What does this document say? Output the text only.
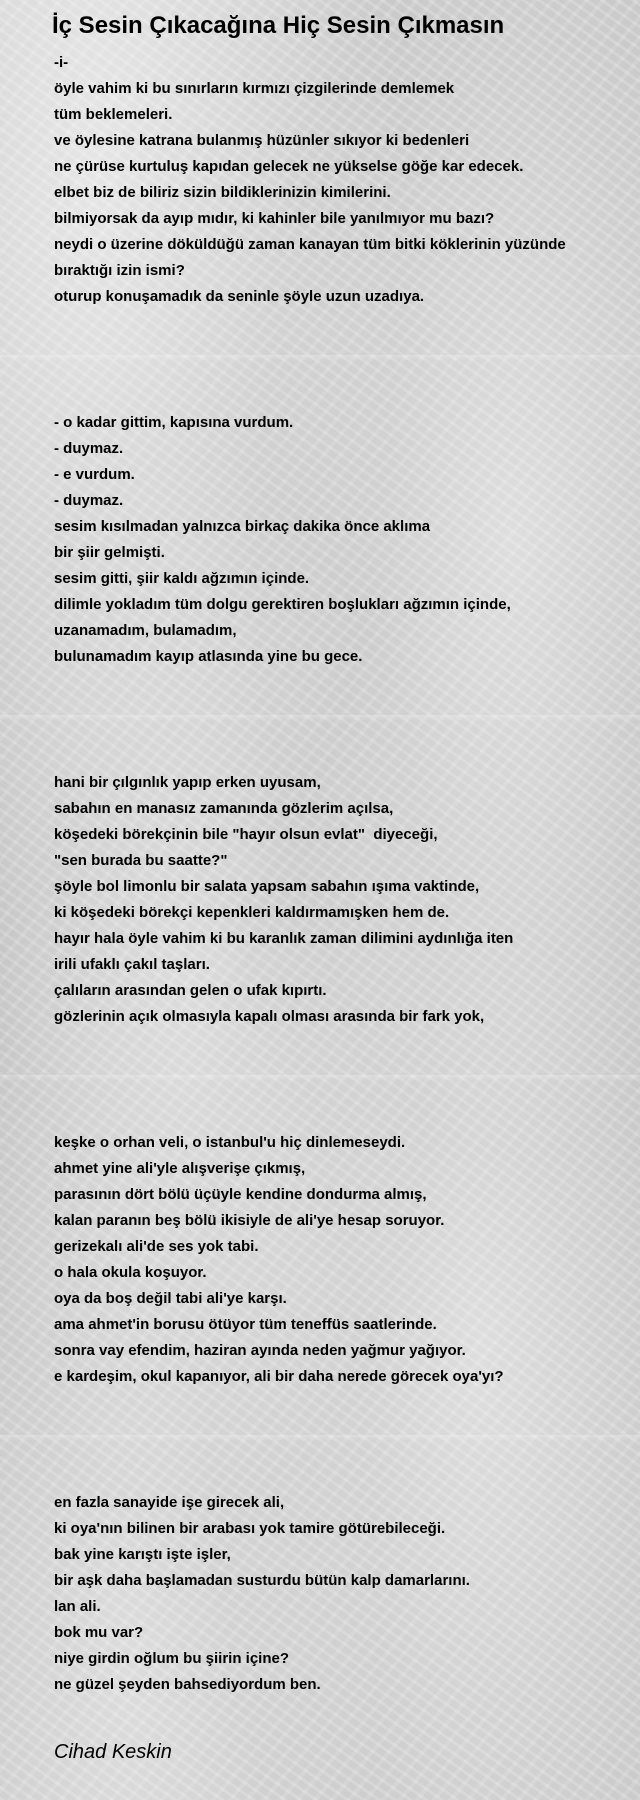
İç Sesin Çıkacağına Hiç Sesin Çıkmasın
-i-
öyle vahim ki bu sınırların kırmızı çizgilerinde demlemek
tüm beklemeleri.
ve öylesine katrana bulanmış hüzünler sıkıyor ki bedenleri
ne çürüse kurtuluş kapıdan gelecek ne yükselse göğe kar edecek.
elbet biz de biliriz sizin bildiklerinizin kimilerini.
bilmiyorsak da ayıp mıdır, ki kahinler bile yanılmıyor mu bazı?
neydi o üzerine döküldüğü zaman kanayan tüm bitki köklerinin yüzünde
bıraktığı izin ismi?
oturup konuşamadık da seninle şöyle uzun uzadıya.
- o kadar gittim, kapısına vurdum.
- duymaz.
- e vurdum.
- duymaz.
sesim kısılmadan yalnızca birkaç dakika önce aklıma
bir şiir gelmişti.
sesim gitti, şiir kaldı ağzımın içinde.
dilimle yokladım tüm dolgu gerektiren boşlukları ağzımın içinde,
uzanamadım, bulamadım,
bulunamadım kayıp atlasında yine bu gece.
hani bir çılgınlık yapıp erken uyusam,
sabahın en manasız zamanında gözlerim açılsa,
köşedeki börekçinin bile "hayır olsun evlat"  diyeceği,
"sen burada bu saatte?"
şöyle bol limonlu bir salata yapsam sabahın ışıma vaktinde,
ki köşedeki börekçi kepenkleri kaldırmamışken hem de.
hayır hala öyle vahim ki bu karanlık zaman dilimini aydınlığa iten
irili ufaklı çakıl taşları.
çalıların arasından gelen o ufak kıpırtı.
gözlerinin açık olmasıyla kapalı olması arasında bir fark yok,
keşke o orhan veli, o istanbul'u hiç dinlemeseydi.
ahmet yine ali'yle alışverişe çıkmış,
parasının dört bölü üçüyle kendine dondurma almış,
kalan paranın beş bölü ikisiyle de ali'ye hesap soruyor.
gerizekalı ali'de ses yok tabi.
o hala okula koşuyor.
oya da boş değil tabi ali'ye karşı.
ama ahmet'in borusu ötüyor tüm teneffüs saatlerinde.
sonra vay efendim, haziran ayında neden yağmur yağıyor.
e kardeşim, okul kapanıyor, ali bir daha nerede görecek oya'yı?
en fazla sanayide işe girecek ali,
ki oya'nın bilinen bir arabası yok tamire götürebileceği.
bak yine karıştı işte işler,
bir aşk daha başlamadan susturdu bütün kalp damarlarını.
lan ali.
bok mu var?
niye girdin oğlum bu şiirin içine?
ne güzel şeyden bahsediyordum ben.
Cihad Keskin
